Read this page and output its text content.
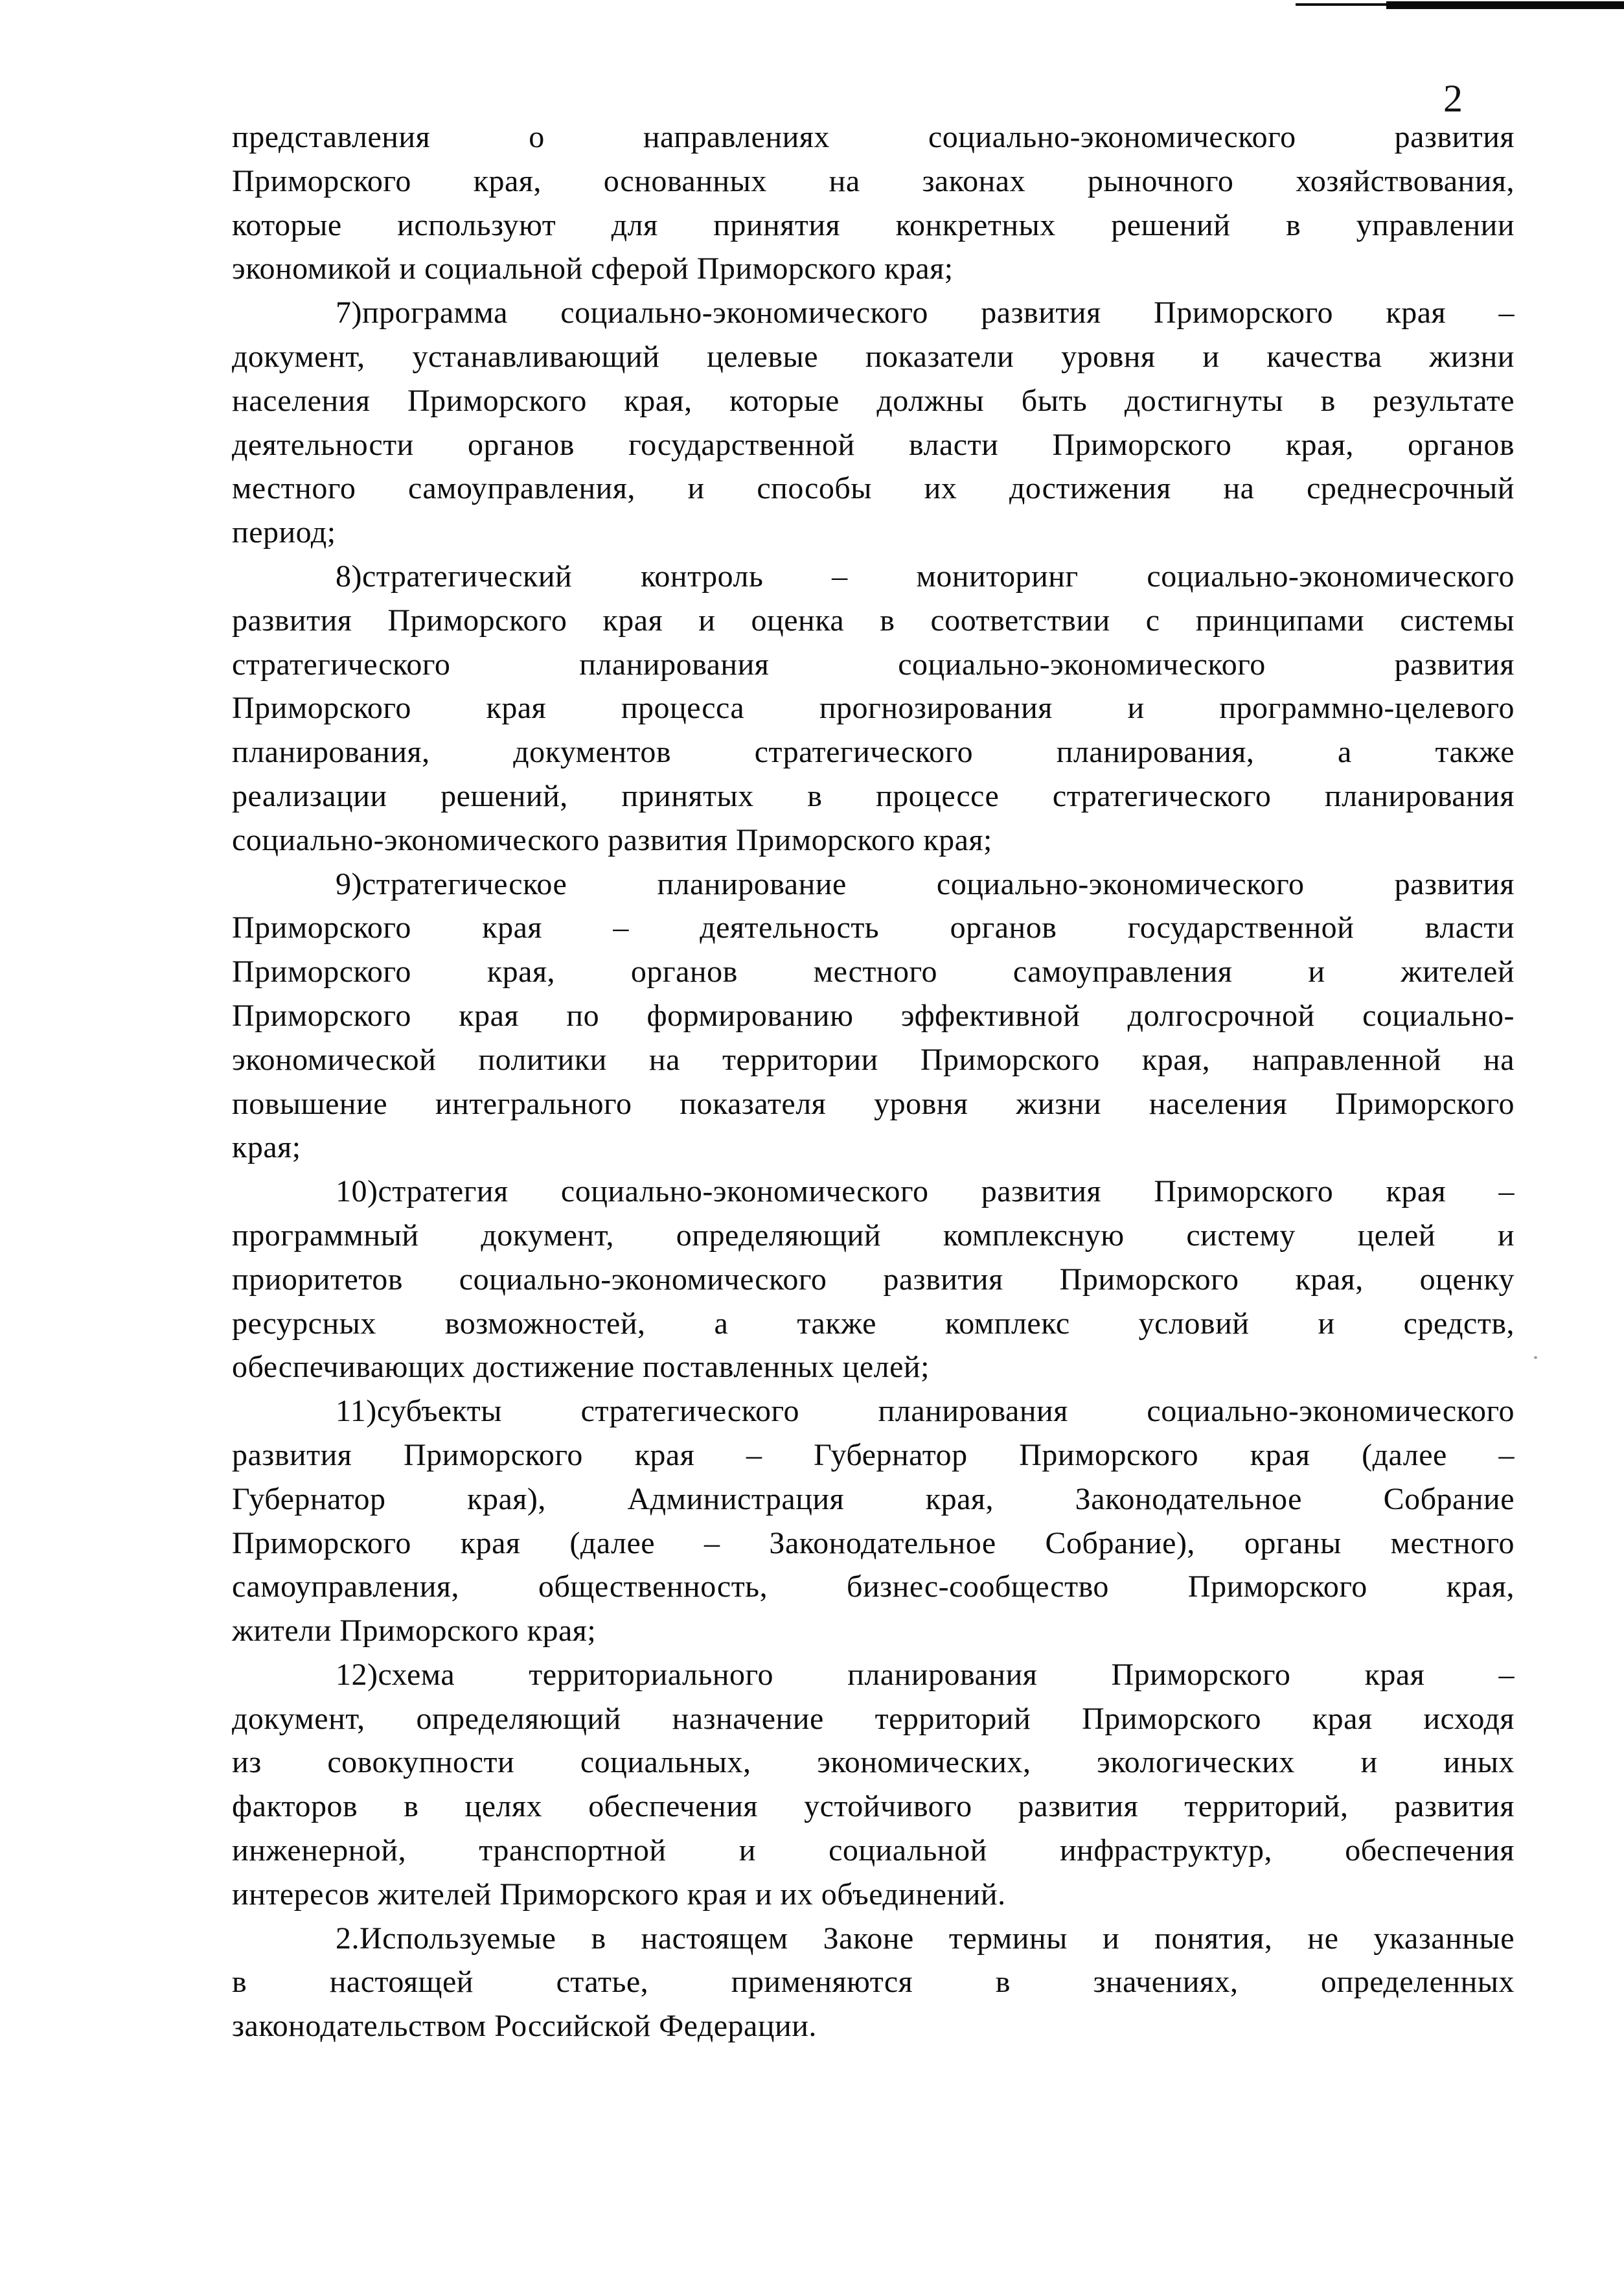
2
представления о направлениях социально-экономического развития
Приморского края, основанных на законах рыночного хозяйствования,
которые используют для принятия конкретных решений в управлении
экономикой и социальной сферой Приморского края;
7)программа социально-экономического развития Приморского края –
документ, устанавливающий целевые показатели уровня и качества жизни
населения Приморского края, которые должны быть достигнуты в результате
деятельности органов государственной власти Приморского края, органов
местного самоуправления, и способы их достижения на среднесрочный
период;
8)стратегический контроль – мониторинг социально-экономического
развития Приморского края и оценка в соответствии с принципами системы
стратегического планирования социально-экономического развития
Приморского края процесса прогнозирования и программно-целевого
планирования, документов стратегического планирования, а также
реализации решений, принятых в процессе стратегического планирования
социально-экономического развития Приморского края;
9)стратегическое планирование социально-экономического развития
Приморского края – деятельность органов государственной власти
Приморского края, органов местного самоуправления и жителей
Приморского края по формированию эффективной долгосрочной социально-
экономической политики на территории Приморского края, направленной на
повышение интегрального показателя уровня жизни населения Приморского
края;
10)стратегия социально-экономического развития Приморского края –
программный документ, определяющий комплексную систему целей и
приоритетов социально-экономического развития Приморского края, оценку
ресурсных возможностей, а также комплекс условий и средств,
обеспечивающих достижение поставленных целей;
11)субъекты стратегического планирования социально-экономического
развития Приморского края – Губернатор Приморского края (далее –
Губернатор края), Администрация края, Законодательное Собрание
Приморского края (далее – Законодательное Собрание), органы местного
самоуправления, общественность, бизнес-сообщество Приморского края,
жители Приморского края;
12)схема территориального планирования Приморского края –
документ, определяющий назначение территорий Приморского края исходя
из совокупности социальных, экономических, экологических и иных
факторов в целях обеспечения устойчивого развития территорий, развития
инженерной, транспортной и социальной инфраструктур, обеспечения
интересов жителей Приморского края и их объединений.
2.Используемые в настоящем Законе термины и понятия, не указанные
в настоящей статье, применяются в значениях, определенных
законодательством Российской Федерации.
